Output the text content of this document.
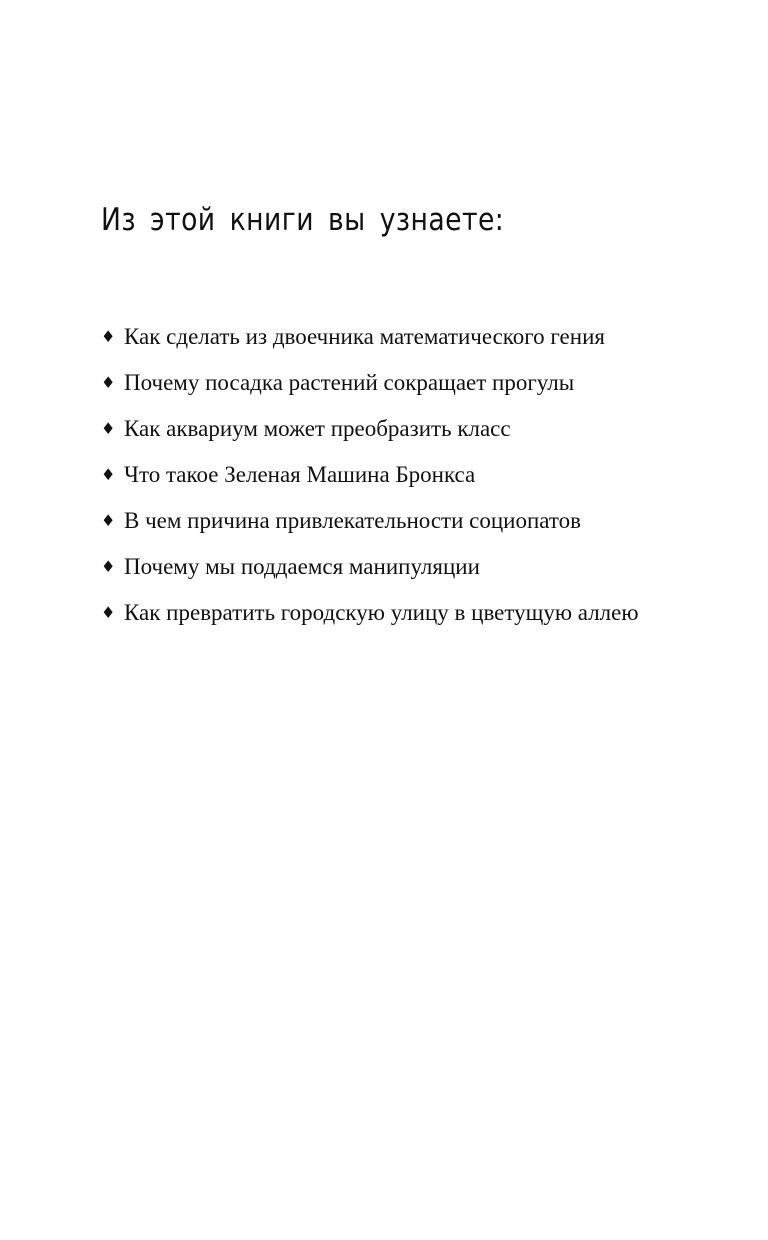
Из этой книги вы узнаете:
♦ Как сделать из двоечника математического гения
♦ Почему посадка растений сокращает прогулы
♦ Как аквариум может преобразить класс
♦ Что такое Зеленая Машина Бронкса
♦ В чем причина привлекательности социопатов
♦ Почему мы поддаемся манипуляции
♦ Как превратить городскую улицу в цветущую аллею
